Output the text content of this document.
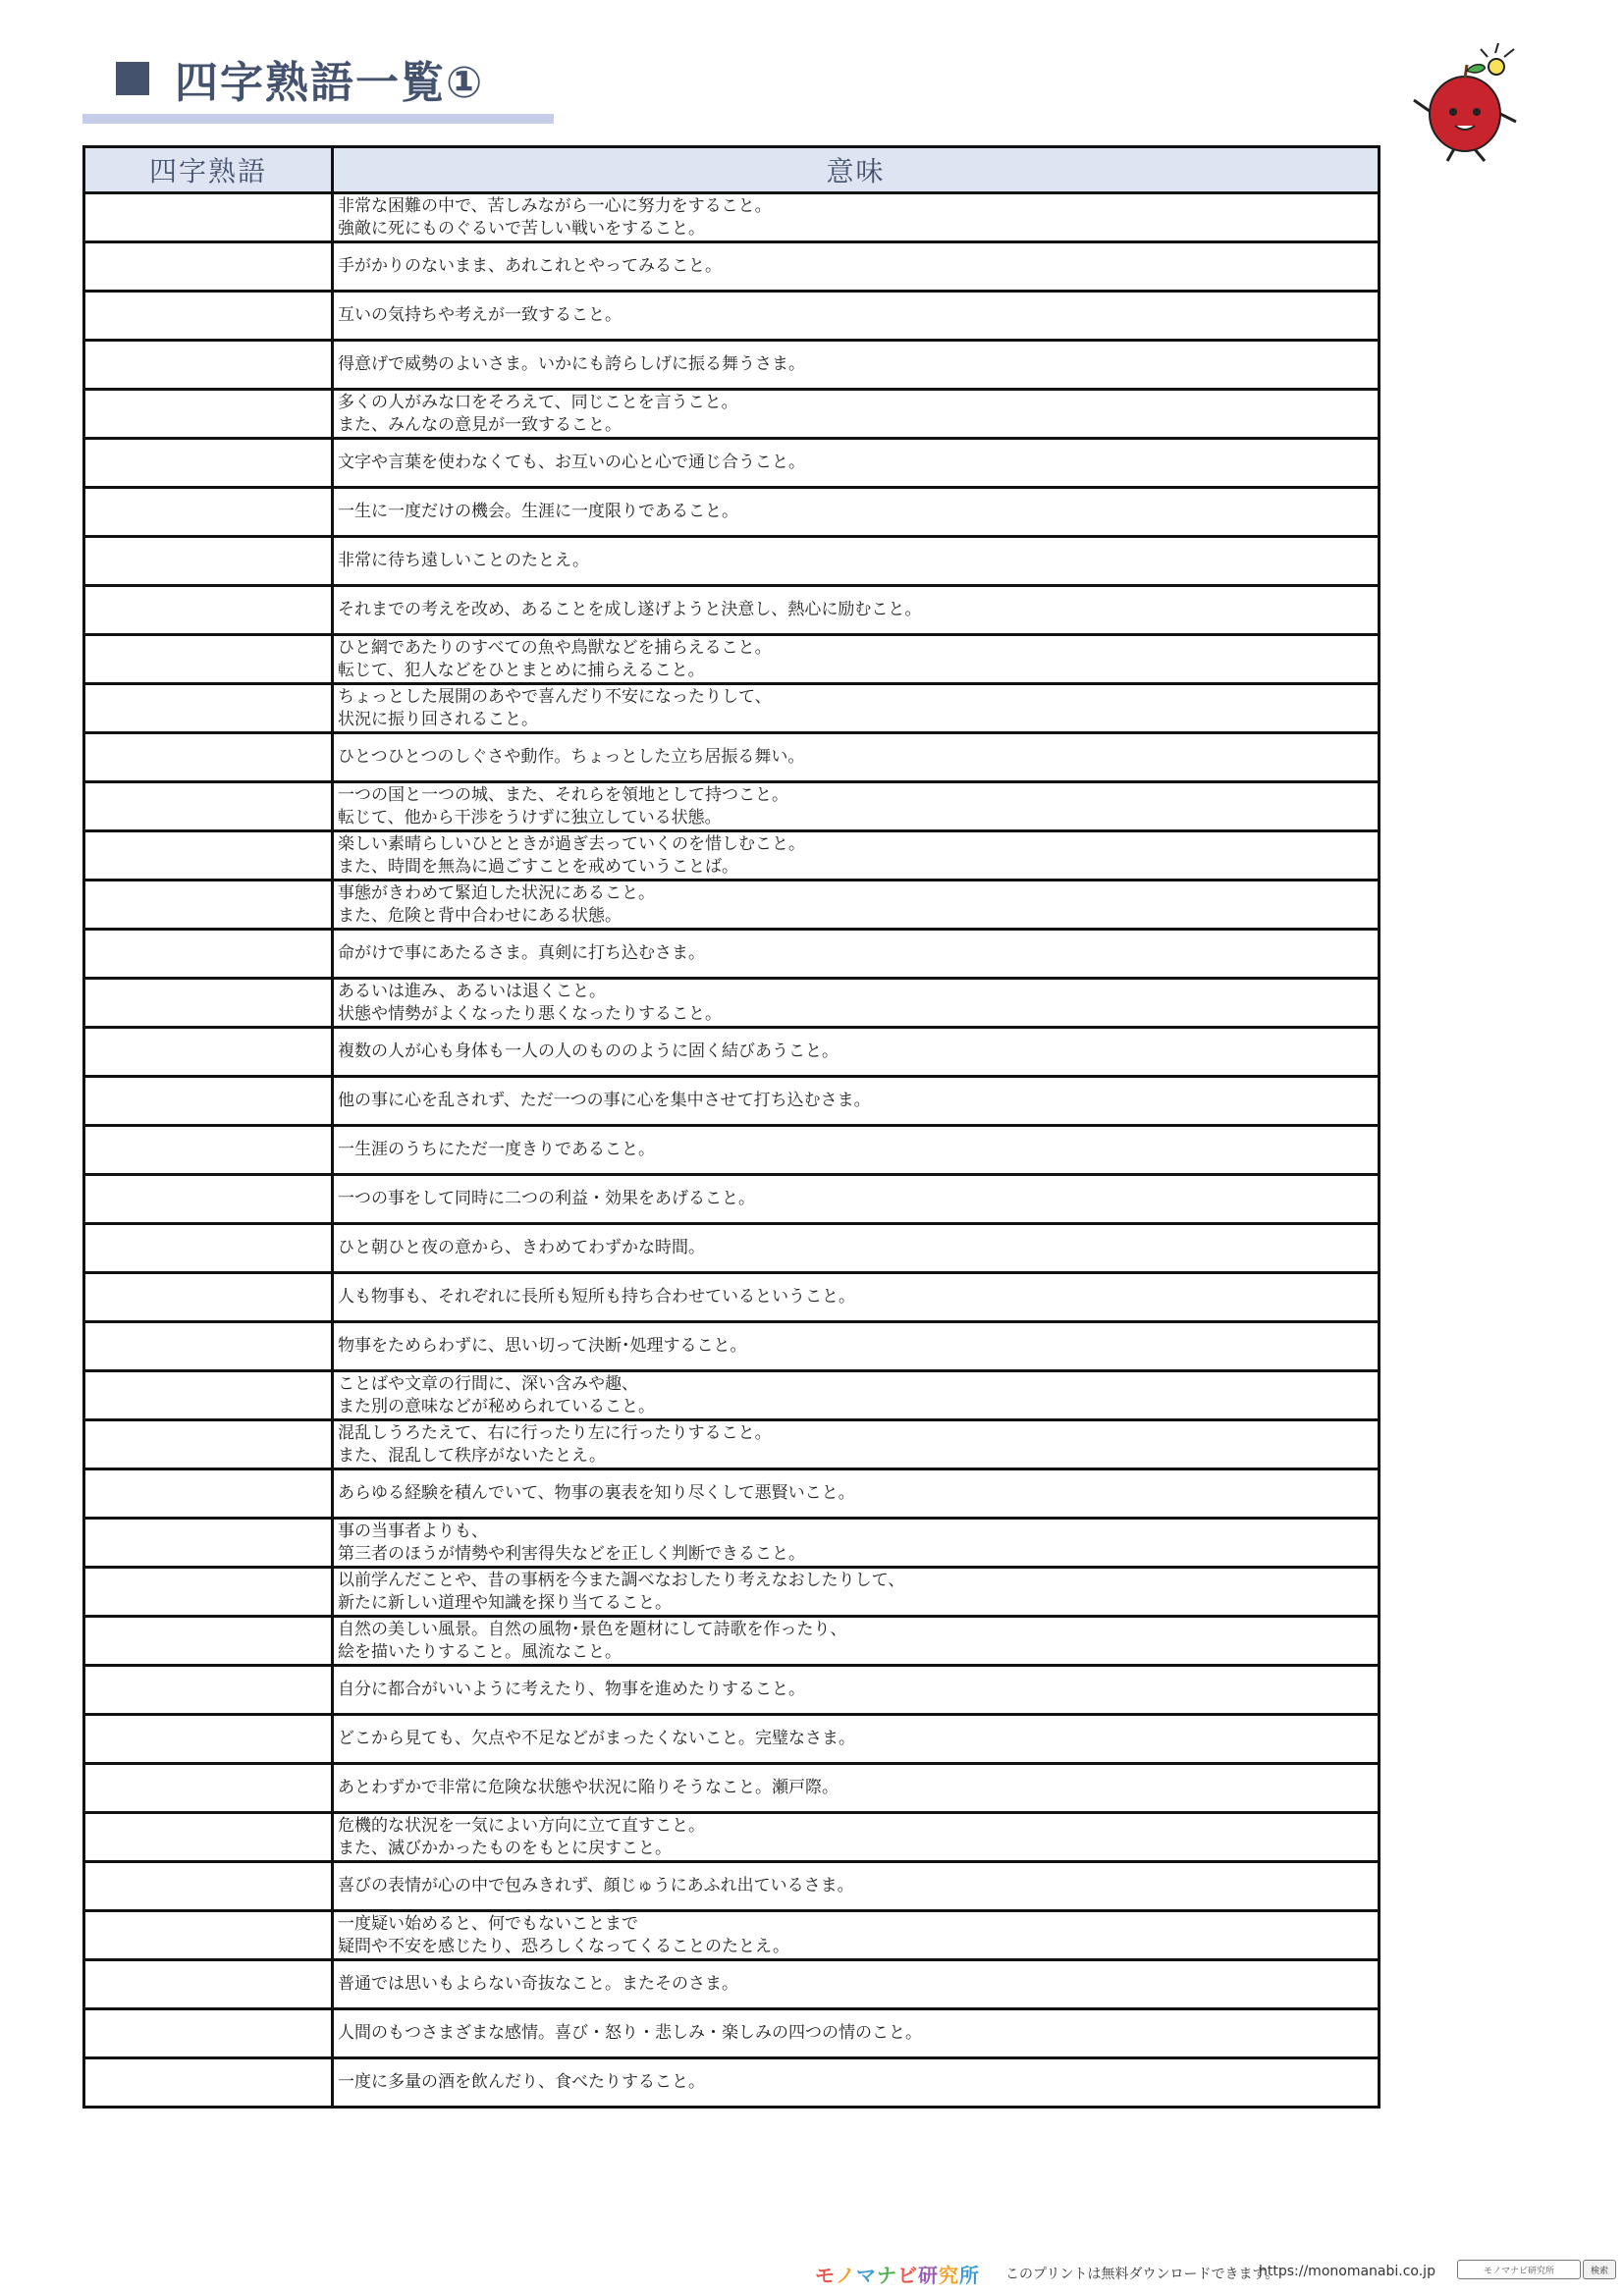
四字熟語一覧①
四字熟語	意味
	非常な困難の中で、苦しみながら一心に努力をすること。
強敵に死にものぐるいで苦しい戦いをすること。
	手がかりのないまま、あれこれとやってみること。
	互いの気持ちや考えが一致すること。
	得意げで威勢のよいさま。いかにも誇らしげに振る舞うさま。
	多くの人がみな口をそろえて、同じことを言うこと。
また、みんなの意見が一致すること。
	文字や言葉を使わなくても、お互いの心と心で通じ合うこと。
	一生に一度だけの機会。生涯に一度限りであること。
	非常に待ち遠しいことのたとえ。
	それまでの考えを改め、あることを成し遂げようと決意し、熱心に励むこと。
	ひと網であたりのすべての魚や鳥獣などを捕らえること。
転じて、犯人などをひとまとめに捕らえること。
	ちょっとした展開のあやで喜んだり不安になったりして、
状況に振り回されること。
	ひとつひとつのしぐさや動作。ちょっとした立ち居振る舞い。
	一つの国と一つの城、また、それらを領地として持つこと。
転じて、他から干渉をうけずに独立している状態。
	楽しい素晴らしいひとときが過ぎ去っていくのを惜しむこと。
また、時間を無為に過ごすことを戒めていうことば。
	事態がきわめて緊迫した状況にあること。
また、危険と背中合わせにある状態。
	命がけで事にあたるさま。真剣に打ち込むさま。
	あるいは進み、あるいは退くこと。
状態や情勢がよくなったり悪くなったりすること。
	複数の人が心も身体も一人の人のもののように固く結びあうこと。
	他の事に心を乱されず、ただ一つの事に心を集中させて打ち込むさま。
	一生涯のうちにただ一度きりであること。
	一つの事をして同時に二つの利益・効果をあげること。
	ひと朝ひと夜の意から、きわめてわずかな時間。
	人も物事も、それぞれに長所も短所も持ち合わせているということ。
	物事をためらわずに、思い切って決断･処理すること。
	ことばや文章の行間に、深い含みや趣、
また別の意味などが秘められていること。
	混乱しうろたえて、右に行ったり左に行ったりすること。
また、混乱して秩序がないたとえ。
	あらゆる経験を積んでいて、物事の裏表を知り尽くして悪賢いこと。
	事の当事者よりも、
第三者のほうが情勢や利害得失などを正しく判断できること。
	以前学んだことや、昔の事柄を今また調べなおしたり考えなおしたりして、
新たに新しい道理や知識を探り当てること。
	自然の美しい風景。自然の風物･景色を題材にして詩歌を作ったり、
絵を描いたりすること。風流なこと。
	自分に都合がいいように考えたり、物事を進めたりすること。
	どこから見ても、欠点や不足などがまったくないこと。完璧なさま。
	あとわずかで非常に危険な状態や状況に陥りそうなこと。瀬戸際。
	危機的な状況を一気によい方向に立て直すこと。
また、滅びかかったものをもとに戻すこと。
	喜びの表情が心の中で包みきれず、顔じゅうにあふれ出ているさま。
	一度疑い始めると、何でもないことまで
疑問や不安を感じたり、恐ろしくなってくることのたとえ。
	普通では思いもよらない奇抜なこと。またそのさま。
	人間のもつさまざまな感情。喜び・怒り・悲しみ・楽しみの四つの情のこと。
	一度に多量の酒を飲んだり、食べたりすること。
モノマナビ研究所 このプリントは無料ダウンロードできます。
https://monomanabi.co.jp	モノマナビ研究所	検索
